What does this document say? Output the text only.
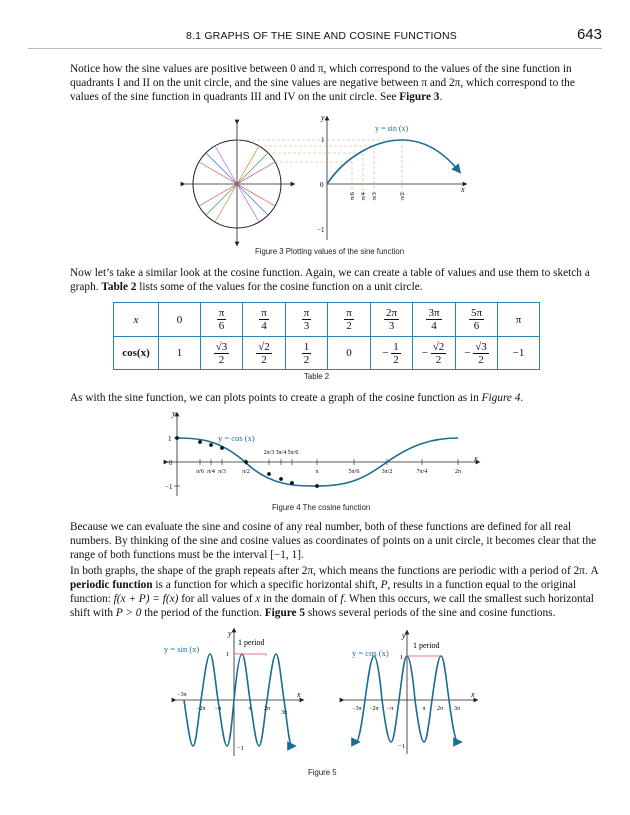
8.1 GRAPHS OF THE SINE AND COSINE FUNCTIONS	643

Notice how the sine values are positive between 0 and π, which correspond to the values of the sine function in quadrants I and II on the unit circle, and the sine values are negative between π and 2π, which correspond to the values of the sine function in quadrants III and IV on the unit circle. See Figure 3.

y
x
1
0
−1
y = sin (x)
π/6 π/4 π/3	π/2
Figure 3 Plotting values of the sine function

Now let’s take a similar look at the cosine function. Again, we can create a table of values and use them to sketch a graph. Table 2 lists some of the values for the cosine function on a unit circle.

x	0	$\frac{\pi}{6}$	$\frac{\pi}{4}$	$\frac{\pi}{3}$	$\frac{\pi}{2}$	$\frac{2\pi}{3}$	$\frac{3\pi}{4}$	$\frac{5\pi}{6}$	π
cos(x)	1	$\frac{√3}{2}$	$\frac{√2}{2}$	$\frac{1}{2}$	0	− $\frac{1}{2}$	− $\frac{√2}{2}$	− $\frac{√3}{2}$	−1
Table 2

As with the sine function, we can plots points to create a graph of the cosine function as in Figure 4.

y
x
1
0
−1
y = cos (x)
π/6 π/4 π/3	π/2	π	5π/6	3π/2	7π/4	2π
2π/3 3π/4 5π/6
Figure 4 The cosine function

Because we can evaluate the sine and cosine of any real number, both of these functions are defined for all real numbers. By thinking of the sine and cosine values as coordinates of points on a unit circle, it becomes clear that the range of both functions must be the interval [−1, 1].

In both graphs, the shape of the graph repeats after 2π, which means the functions are periodic with a period of 2π. A periodic function is a function for which a specific horizontal shift, P, results in a function equal to the original function: f(x + P) = f(x) for all values of x in the domain of f. When this occurs, we call the smallest such horizontal shift with P > 0 the period of the function. Figure 5 shows several periods of the sine and cosine functions.

y = sin (x)
1 period
y
x
1
−1
−3π
−2π −π	π 2π
3π
y = cos (x)
1 period
y
x
1
−1
−3π −2π −π	π 2π 3π
Figure 5
